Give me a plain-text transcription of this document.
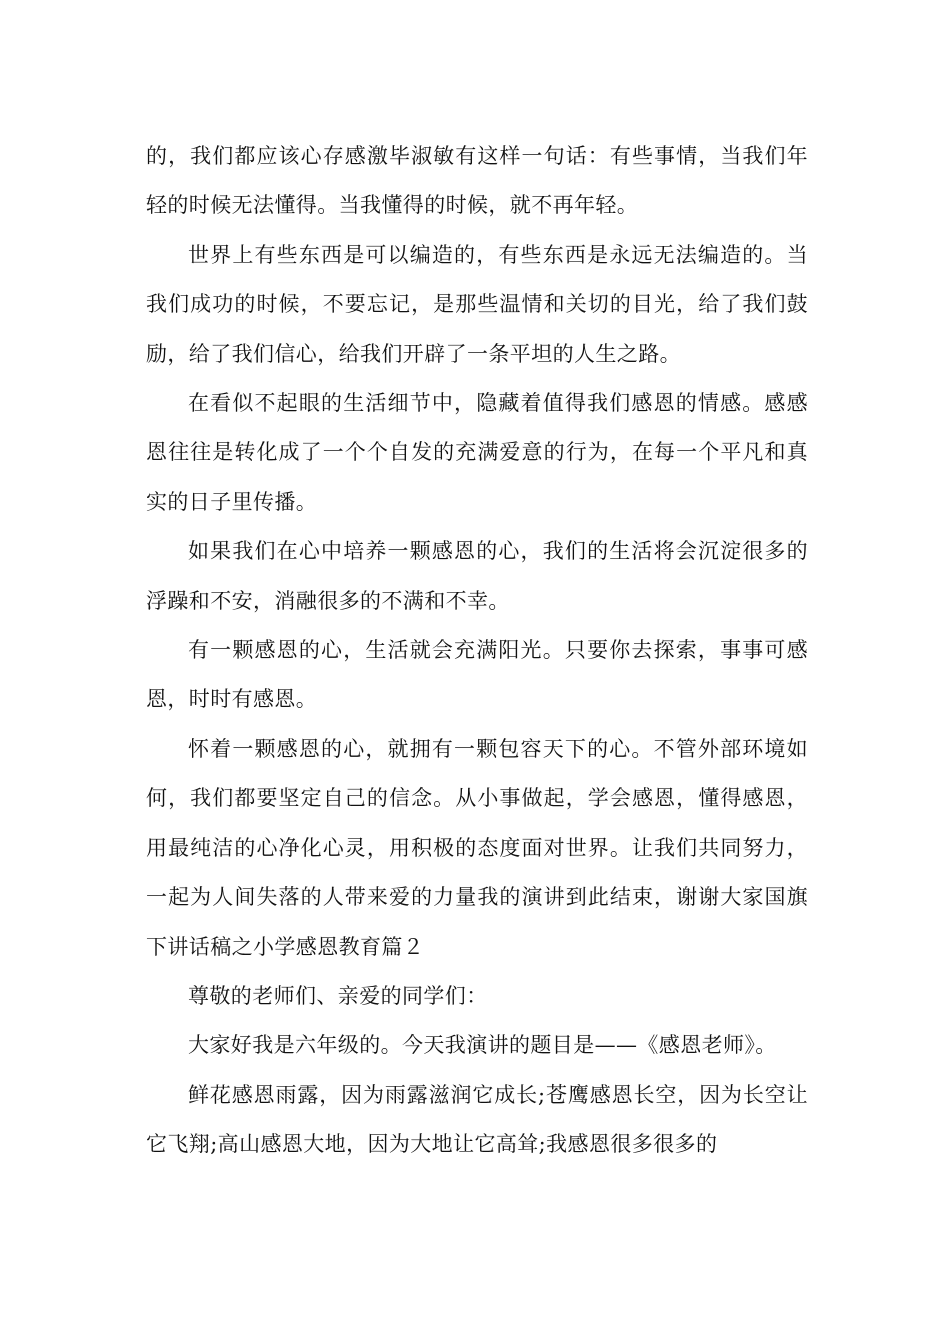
的，我们都应该心存感激毕淑敏有这样一句话：有些事情，当我们年轻的时候无法懂得。当我懂得的时候，就不再年轻。

世界上有些东西是可以编造的，有些东西是永远无法编造的。当我们成功的时候，不要忘记，是那些温情和关切的目光，给了我们鼓励，给了我们信心，给我们开辟了一条平坦的人生之路。

在看似不起眼的生活细节中，隐藏着值得我们感恩的情感。感感恩往往是转化成了一个个自发的充满爱意的行为，在每一个平凡和真实的日子里传播。

如果我们在心中培养一颗感恩的心，我们的生活将会沉淀很多的浮躁和不安，消融很多的不满和不幸。

有一颗感恩的心，生活就会充满阳光。只要你去探索，事事可感恩，时时有感恩。

怀着一颗感恩的心，就拥有一颗包容天下的心。不管外部环境如何，我们都要坚定自己的信念。从小事做起，学会感恩，懂得感恩，用最纯洁的心净化心灵，用积极的态度面对世界。让我们共同努力，一起为人间失落的人带来爱的力量我的演讲到此结束，谢谢大家国旗下讲话稿之小学感恩教育篇２

尊敬的老师们、亲爱的同学们：

大家好我是六年级的。今天我演讲的题目是——《感恩老师》。

鲜花感恩雨露，因为雨露滋润它成长;苍鹰感恩长空，因为长空让它飞翔;高山感恩大地，因为大地让它高耸;我感恩很多很多的
